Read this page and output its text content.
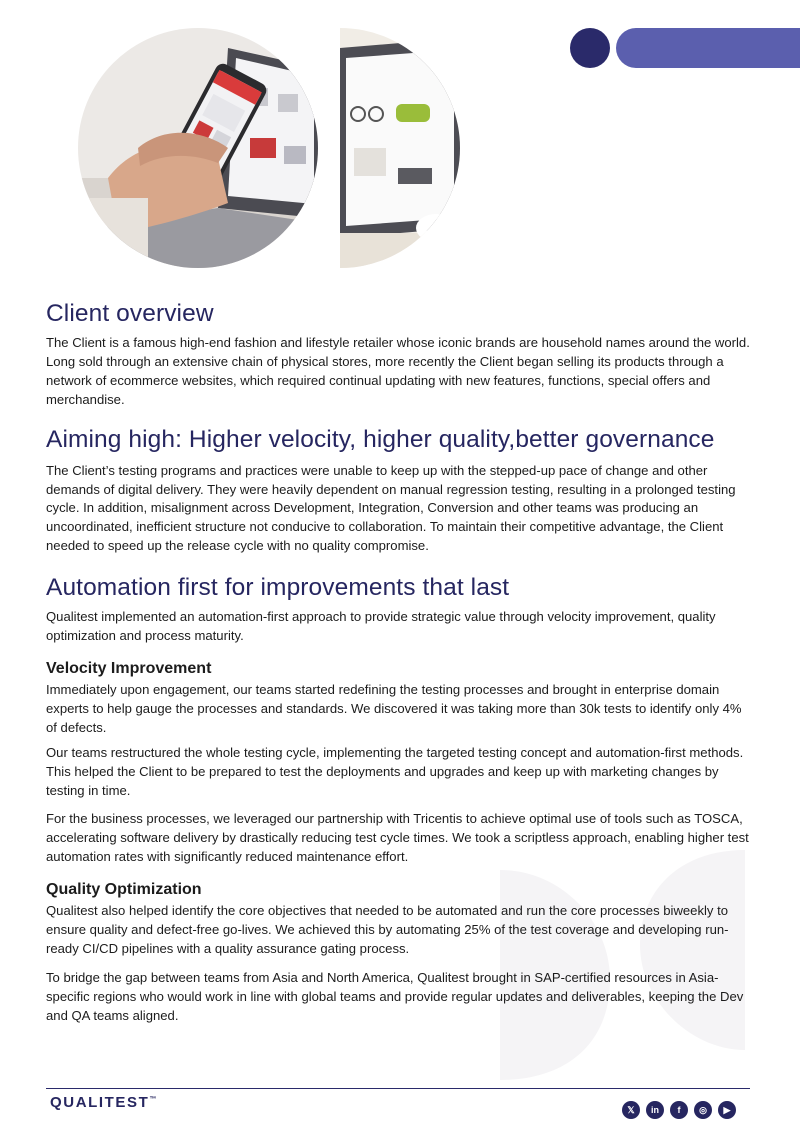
Client overview

The Client is a famous high-end fashion and lifestyle retailer whose iconic brands are household names around the world. Long sold through an extensive chain of physical stores, more recently the Client began selling its products through a network of ecommerce websites, which required continual updating with new features, functions, special offers and merchandise.

Aiming high: Higher velocity, higher quality,better governance

The Client’s testing programs and practices were unable to keep up with the stepped-up pace of change and other demands of digital delivery. They were heavily dependent on manual regression testing, resulting in a prolonged testing cycle. In addition, misalignment across Development, Integration, Conversion and other teams was producing an uncoordinated, inefficient structure not conducive to collaboration. To maintain their competitive advantage, the Client needed to speed up the release cycle with no quality compromise.

Automation first for improvements that last

Qualitest implemented an automation-first approach to provide strategic value through velocity improvement, quality optimization and process maturity.

Velocity Improvement

Immediately upon engagement, our teams started redefining the testing processes and brought in enterprise domain experts to help gauge the processes and standards. We discovered it was taking more than 30k tests to identify only 4% of defects.

Our teams restructured the whole testing cycle, implementing the targeted testing concept and automation-first methods. This helped the Client to be prepared to test the deployments and upgrades and keep up with marketing changes by testing in time.

For the business processes, we leveraged our partnership with Tricentis to achieve optimal use of tools such as TOSCA, accelerating software delivery by drastically reducing test cycle times. We took a scriptless approach, enabling higher test automation rates with significantly reduced maintenance effort.

Quality Optimization

Qualitest also helped identify the core objectives that needed to be automated and run the core processes biweekly to ensure quality and defect-free go-lives. We achieved this by automating 25% of the test coverage and developing run-ready CI/CD pipelines with a quality assurance gating process.

To bridge the gap between teams from Asia and North America, Qualitest brought in SAP-certified resources in Asia-specific regions who would work in line with global teams and provide regular updates and deliverables, keeping the Dev and QA teams aligned.

QUALITEST™
𝕏	in	f	◎	▶
